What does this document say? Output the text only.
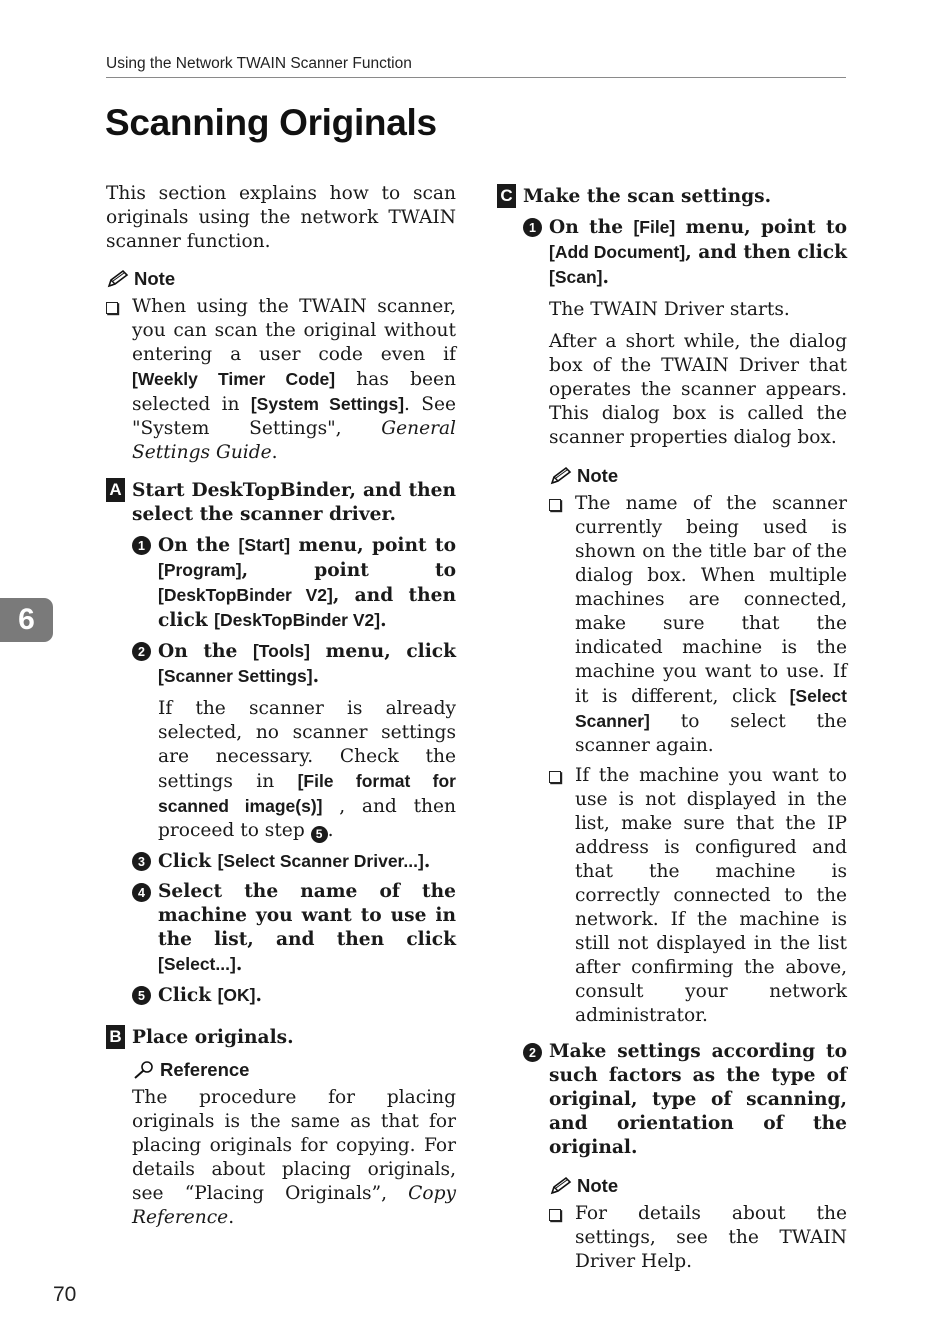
Using the Network TWAIN Scanner Function
Scanning Originals

This section explains how to scan originals using the network TWAIN scanner function.

Note

When using the TWAIN scanner, you can scan the original without entering a user code even if [Weekly Timer Code] has been selected in [System Settings]. See "System Settings", General Settings Guide.

A Start DeskTopBinder, and then select the scanner driver.
1 On the [Start] menu, point to [Program], point to [DeskTopBinder V2], and then click [DeskTopBinder V2].

2 On the [Tools] menu, click [Scanner Settings].

If the scanner is already selected, no scanner settings are necessary. Check the settings in [File format for scanned image(s)] , and then proceed to step 5 .

3 Click [Select Scanner Driver...].

4 Select the name of the machine you want to use in the list, and then click [Select...].

5 Click [OK].

B Place originals.
Reference

The procedure for placing originals is the same as that for placing originals for copying. For details about placing originals, see “Placing Originals”, Copy Reference.

C Make the scan settings.
1 On the [File] menu, point to [Add Document], and then click [Scan].

The TWAIN Driver starts.

After a short while, the dialog box of the TWAIN Driver that operates the scanner appears. This dialog box is called the scanner properties dialog box.

Note

The name of the scanner currently being used is shown on the title bar of the dialog box. When multiple machines are connected, make sure that the indicated machine is the machine you want to use. If it is different, click [Select Scanner] to select the scanner again.

If the machine you want to use is not displayed in the list, make sure that the IP address is configured and that the machine is correctly connected to the network. If the machine is still not displayed in the list after confirming the above, consult your network administrator.

2 Make settings according to such factors as the type of original, type of scanning, and orientation of the original.

Note

For details about the settings, see the TWAIN Driver Help.

6
70
